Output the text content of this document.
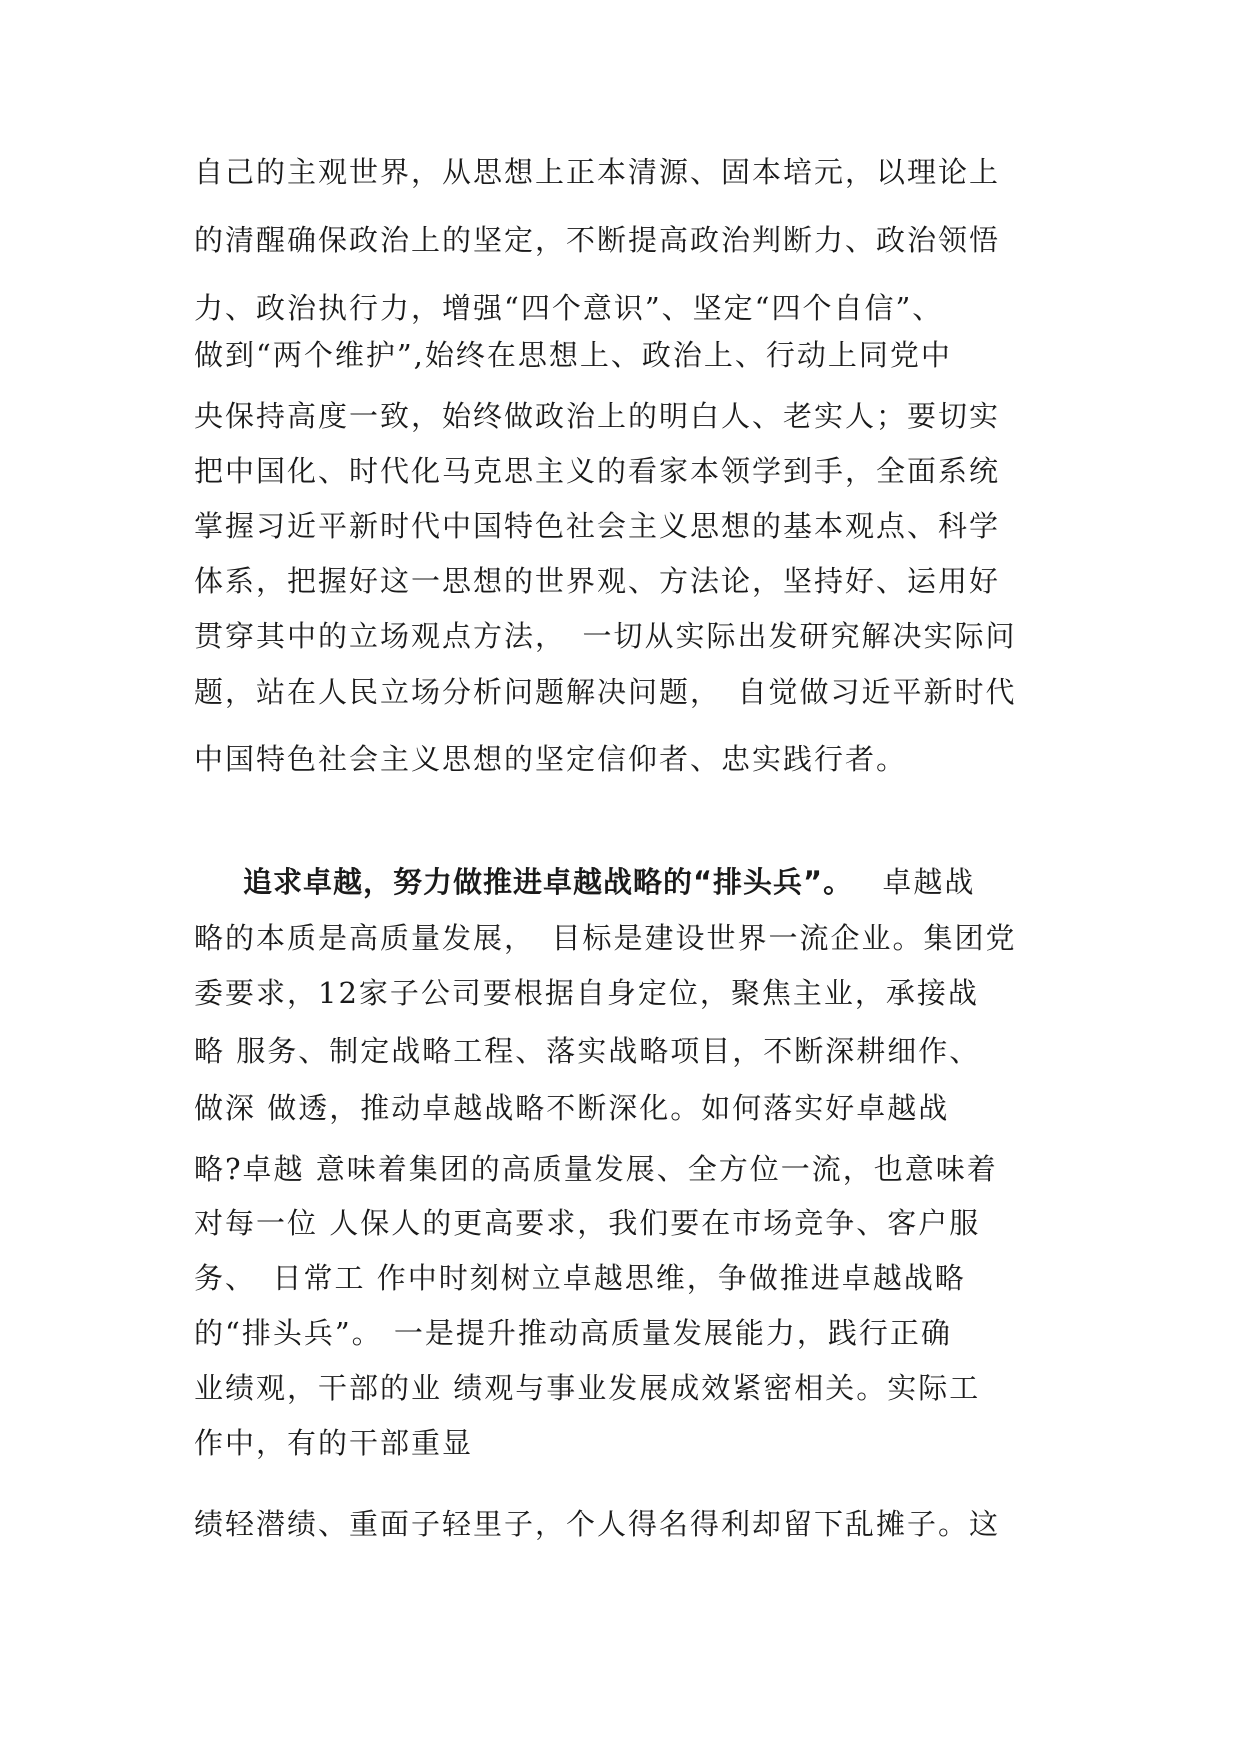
自己的主观世界，从思想上正本清源、固本培元，以理论上
的清醒确保政治上的坚定，不断提高政治判断力、政治领悟
力、政治执行力，增强“四个意识”、坚定“四个自信”、
做到“两个维护”,始终在思想上、政治上、行动上同党中
央保持高度一致，始终做政治上的明白人、老实人；要切实
把中国化、时代化马克思主义的看家本领学到手，全面系统
掌握习近平新时代中国特色社会主义思想的基本观点、科学
体系，把握好这一思想的世界观、方法论，坚持好、运用好
贯穿其中的立场观点方法，　一切从实际出发研究解决实际问
题，站在人民立场分析问题解决问题，　自觉做习近平新时代
中国特色社会主义思想的坚定信仰者、忠实践行者。
追求卓越，努力做推进卓越战略的“排头兵”。 卓越战
略的本质是高质量发展，　目标是建设世界一流企业。集团党
委要求，12家子公司要根据自身定位，聚焦主业，承接战
略 服务、制定战略工程、落实战略项目，不断深耕细作、
做深 做透，推动卓越战略不断深化。如何落实好卓越战
略?卓越 意味着集团的高质量发展、全方位一流，也意味着
对每一位 人保人的更高要求，我们要在市场竞争、客户服
务、　日常工 作中时刻树立卓越思维，争做推进卓越战略
的“排头兵”。 一是提升推动高质量发展能力，践行正确
业绩观，干部的业 绩观与事业发展成效紧密相关。实际工
作中，有的干部重显
绩轻潜绩、重面子轻里子，个人得名得利却留下乱摊子。这
